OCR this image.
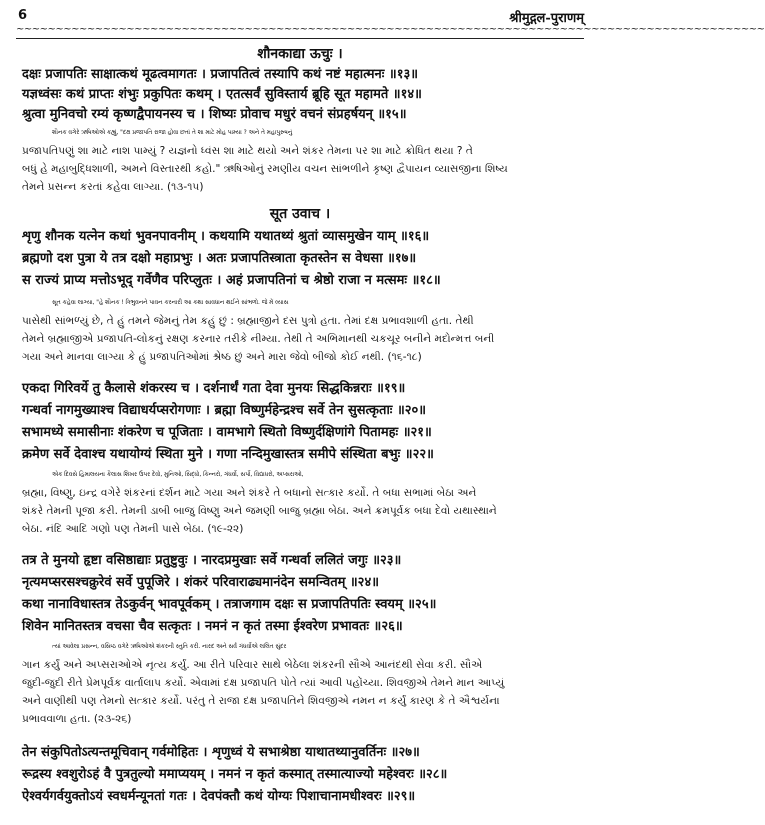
6	श्रीमुद्गल-पुराणम्
~~~~~~~~~~~~~~~~~~~~~~~~~~~~~~~~~~~~~~~~~~~~~~~~~~~~~~~~~~~~~~~~~~~~~~~~~~~~~~~~~~~~~~~~~~~~~~~
शौनकाद्या ऊचुः ।
दक्षः प्रजापतिः साक्षात्कथं मूढत्वमागतः । प्रजापतित्वं तस्यापि कथं नष्टं महात्मनः ॥१३॥
यज्ञध्वंसः कथं प्राप्तः शंभुः प्रकुपितः कथम् । एतत्सर्वं सुविस्तार्य ब्रूहि सूत महामते ॥१४॥
श्रुत्वा मुनिवचो रम्यं कृष्णद्वैपायनस्य च । शिष्यः प्रोवाच मधुरं वचनं संप्रहर्षयन् ॥१५॥
શૌનક વગેરે ઋષિઓએ કહ્યું, "દક્ષ પ્રજાપતિ રાજા હોવા છતાં તે શા માટે મોહ પામ્યા ? અને તે મહાપુરુષનું
પ્રજાપતિપણું શા માટે નાશ પામ્યું ? યજ્ઞનો ધ્વંસ શા માટે થયો અને શંકર તેમના પર શા માટે ક્રોધિત થયા ? તે
બધું હે મહાબુદ્ધિશાળી, અમને વિસ્તારથી કહો." ઋષિઓનું રમણીય વચન સાંભળીને કૃષ્ણ દ્વૈપાયન વ્યાસજીના શિષ્ય
તેમને પ્રસન્ન કરતાં કહેવા લાગ્યા. (૧૩-૧૫)
सूत उवाच ।
शृणु शौनक यत्नेन कथां भुवनपावनीम् । कथयामि यथातथ्यं श्रुतां व्यासमुखेन याम् ॥१६॥
ब्रह्मणो दश पुत्रा ये तत्र दक्षो महाप्रभुः । अतः प्रजापतिस्त्राता कृतस्तेन स वेधसा ॥१७॥
स राज्यं प्राप्य मत्तोऽभूद् गर्वेणैव परिप्लुतः । अहं प्रजापतिनां च श्रेष्ठो राजा न मत्समः ॥१८॥
સૂત કહેવા લાગ્યા, "હે શૌનક ! ત્રિભુવનને પાવન કરનારી આ કથા સાવધાન થઈને સાંભળો. જે મેં વ્યાસ
પાસેથી સાંભળ્યું છે, તે હું તમને જેમનું તેમ કહું છું : બ્રહ્માજીને દસ પુત્રો હતા. તેમાં દક્ષ પ્રભાવશાળી હતા. તેથી
તેમને બ્રહ્માજીએ પ્રજાપતિ-લોકનું રક્ષણ કરનાર તરીકે નીમ્યા. તેથી તે અભિમાનથી ચકચૂર બનીને મદોન્મત્ત બની
ગયા અને માનવા લાગ્યા કે હું પ્રજાપતિઓમાં શ્રેષ્ઠ છું અને મારા જેવો બીજો કોઈ નથી. (૧૬-૧૮)
एकदा गिरिवर्ये तु कैलासे शंकरस्य च । दर्शनार्थं गता देवा मुनयः सिद्धकिन्नराः ॥१९॥
गन्धर्वा नागमुख्याश्च विद्याधर्यप्सरोगणाः । ब्रह्मा विष्णुर्महेन्द्रश्च सर्वे तेन सुसत्कृताः ॥२०॥
सभामध्ये समासीनाः शंकरेण च पूजिताः । वामभागे स्थितो विष्णुर्दक्षिणांगे पितामहः ॥२१॥
क्रमेण सर्वे देवाश्च यथायोग्यं स्थिता मुने । गणा नन्दिमुखास्तत्र समीपे संस्थिता बभुः ॥२२॥
એક દિવસે હિમાલયના કૈલાસ શિખર ઉપર દેવો, મુનિઓ, સિદ્ધો, કિન્નરો, ગંધર્વો, સર્પો, વિદ્યાધરો, અપ્સરાઓ,
બ્રહ્મા, વિષ્ણુ, ઇન્દ્ર વગેરે શંકરનાં દર્શન માટે ગયા અને શંકરે તે બધાનો સત્કાર કર્યો. તે બધા સભામાં બેઠા અને
શંકરે તેમની પૂજા કરી. તેમની ડાબી બાજુ વિષ્ણુ અને જમણી બાજુ બ્રહ્મા બેઠા. અને ક્રમપૂર્વક બધા દેવો યથાસ્થાને
બેઠા. નંદિ આદિ ગણો પણ તેમની પાસે બેઠા. (૧૯-૨૨)
तत्र ते मुनयो हृष्टा वसिष्ठाद्याः प्रतुष्टुवुः । नारदप्रमुखाः सर्वे गन्धर्वा ललितं जगुः ॥२३॥
नृत्यमप्सरसश्चक्रुरेवं सर्वे पुपूजिरे । शंकरं परिवाराढ्यमानंदेन समन्वितम् ॥२४॥
कथा नानाविधास्तत्र तेऽकुर्वन् भावपूर्वकम् । तत्राजगाम दक्षः स प्रजापतिपतिः स्वयम् ॥२५॥
शिवेन मानितस्तत्र वचसा चैव सत्कृतः । नमनं न कृतं तस्मा ईश्वरेण प्रभावतः ॥२६॥
ત્યાં આવેલા પ્રસન્ન, વસિષ્ઠ વગેરે ઋષિઓએ શંકરની સ્તુતિ કરી. નારદ અને સર્વ ગંધર્વોએ લલિત સુંદર
ગાન કર્યું અને અપ્સરાઓએ નૃત્ય કર્યું. આ રીતે પરિવાર સાથે બેઠેલા શંકરની સૌએ આનંદથી સેવા કરી. સૌએ
જુદી-જુદી રીતે પ્રેમપૂર્વક વાર્તાલાપ કર્યો. એવામાં દક્ષ પ્રજાપતિ પોતે ત્યાં આવી પહોંચ્યા. શિવજીએ તેમને માન આપ્યું
અને વાણીથી પણ તેમનો સત્કાર કર્યો. પરંતુ તે રાજા દક્ષ પ્રજાપતિને શિવજીએ નમન ન કર્યું કારણ કે તે ઐશ્વર્યના
પ્રભાવવાળા હતા. (૨૩-૨૬)
तेन संकुपितोऽत्यन्तमूचिवान् गर्वमोहितः । शृणुध्वं ये सभाश्रेष्ठा याथातथ्यानुवर्तिनः ॥२७॥
रूद्रस्य श्वशुरोऽहं वै पुत्रतुल्यो ममाप्ययम् । नमनं न कृतं कस्मात् तस्मात्याज्यो महेश्वरः ॥२८॥
ऐश्वर्यगर्वयुक्तोऽयं स्वधर्मन्यूनतां गतः । देवपंक्तौ कथं योग्यः पिशाचानामधीश्वरः ॥२९॥
